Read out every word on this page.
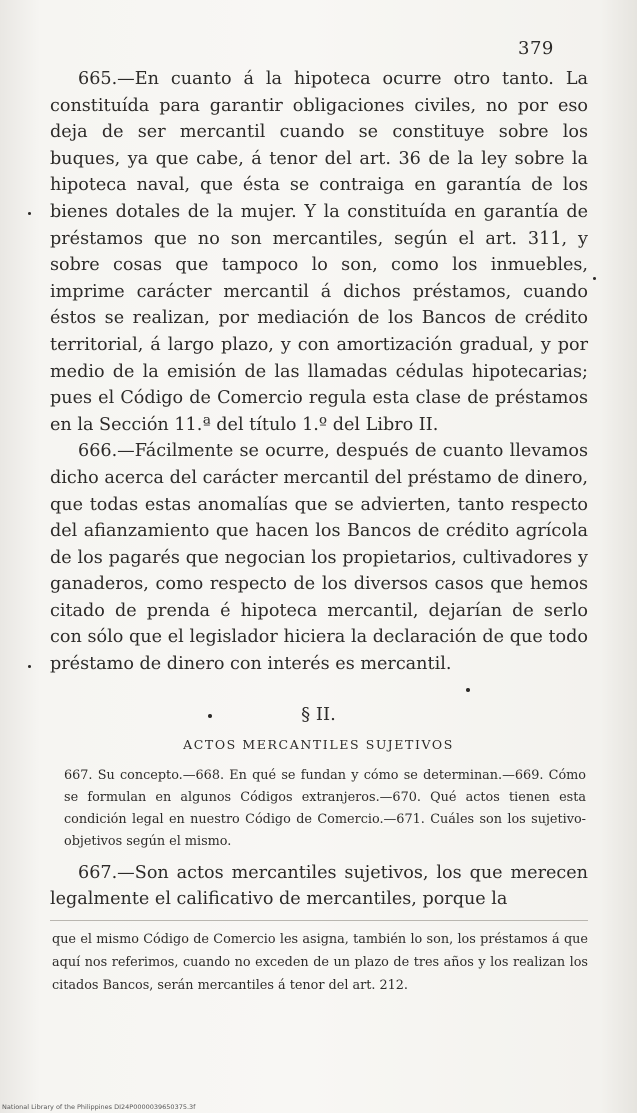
379

665.—En cuanto á la hipoteca ocurre otro tanto. La constituída para garantir obligaciones civiles, no por eso deja de ser mercantil cuando se constituye sobre los buques, ya que cabe, á tenor del art. 36 de la ley sobre la hipoteca naval, que ésta se contraiga en garantía de los bienes dotales de la mujer. Y la constituída en garantía de préstamos que no son mercantiles, según el art. 311, y sobre cosas que tampoco lo son, como los inmuebles, imprime carácter mercantil á dichos préstamos, cuando éstos se realizan, por mediación de los Bancos de crédito territorial, á largo plazo, y con amortización gradual, y por medio de la emisión de las llamadas cédulas hipotecarias; pues el Código de Comercio regula esta clase de préstamos en la Sección 11.ª del título 1.º del Libro II.

666.—Fácilmente se ocurre, después de cuanto llevamos dicho acerca del carácter mercantil del préstamo de dinero, que todas estas anomalías que se advierten, tanto respecto del afianzamiento que hacen los Bancos de crédito agrícola de los pagarés que negocian los propietarios, cultivadores y ganaderos, como respecto de los diversos casos que hemos citado de prenda é hipoteca mercantil, dejarían de serlo con sólo que el legislador hiciera la declaración de que todo préstamo de dinero con interés es mercantil.

§ II.
ACTOS MERCANTILES SUJETIVOS

667. Su concepto.—668. En qué se fundan y cómo se determinan.—669. Cómo se formulan en algunos Códigos extranjeros.—670. Qué actos tienen esta condición legal en nuestro Código de Comercio.—671. Cuáles son los sujetivo-objetivos según el mismo.

667.—Son actos mercantiles sujetivos, los que merecen legalmente el calificativo de mercantiles, porque la

que el mismo Código de Comercio les asigna, también lo son, los préstamos á que aquí nos referimos, cuando no exceden de un plazo de tres años y los realizan los citados Bancos, serán mercantiles á tenor del art. 212.

National Library of the Philippines DI24P0000039650375.3f
